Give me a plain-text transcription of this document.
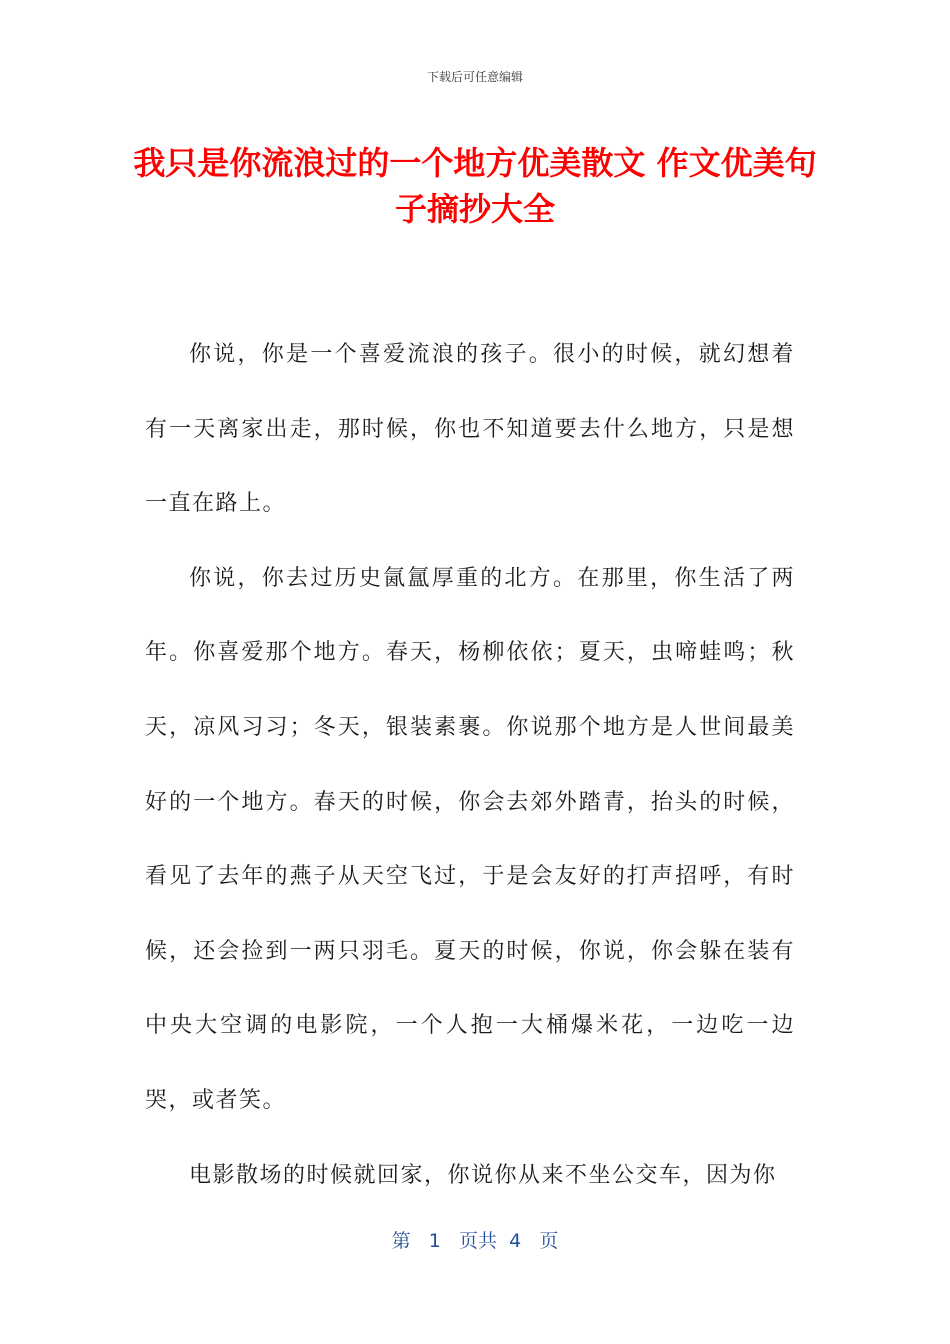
下载后可任意编辑
我只是你流浪过的一个地方优美散文 作文优美句子摘抄大全

你说，你是一个喜爱流浪的孩子。很小的时候，就幻想着有一天离家出走，那时候，你也不知道要去什么地方，只是想一直在路上。

你说，你去过历史氤氲厚重的北方。在那里，你生活了两年。你喜爱那个地方。春天，杨柳依依；夏天，虫啼蛙鸣；秋天，凉风习习；冬天，银装素裹。你说那个地方是人世间最美好的一个地方。春天的时候，你会去郊外踏青，抬头的时候，看见了去年的燕子从天空飞过，于是会友好的打声招呼，有时候，还会捡到一两只羽毛。夏天的时候，你说，你会躲在装有中央大空调的电影院，一个人抱一大桶爆米花，一边吃一边哭，或者笑。

电影散场的时候就回家，你说你从来不坐公交车，因为你

第 1 页共 4 页
